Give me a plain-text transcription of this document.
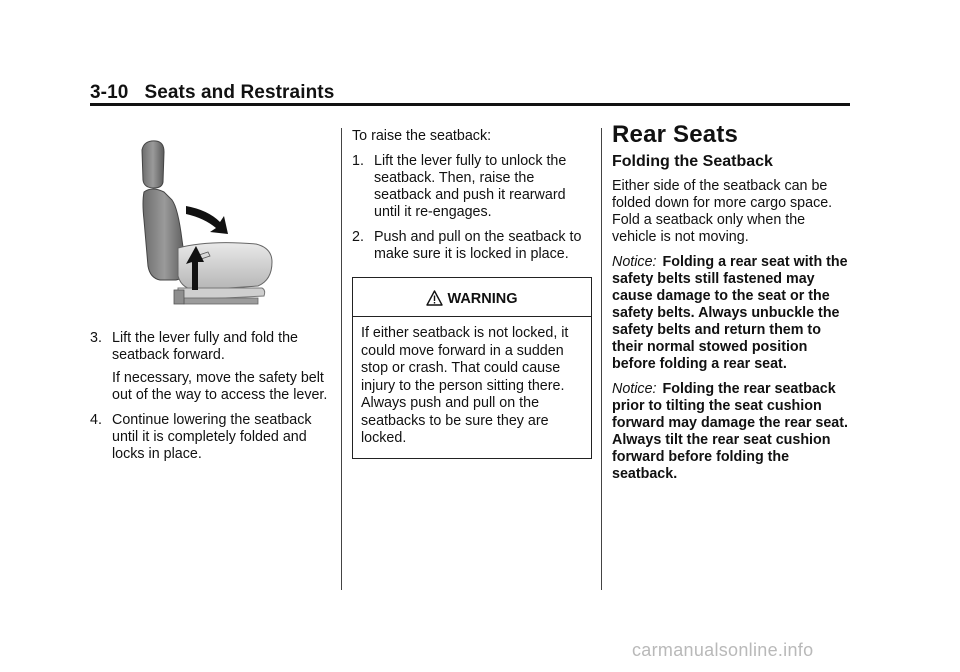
3-10 Seats and Restraints
3. Lift the lever fully and fold the seatback forward.
If necessary, move the safety belt out of the way to access the lever.
4. Continue lowering the seatback until it is completely folded and locks in place.
To raise the seatback:
1. Lift the lever fully to unlock the seatback. Then, raise the seatback and push it rearward until it re-engages.
2. Push and pull on the seatback to make sure it is locked in place.
WARNING
If either seatback is not locked, it could move forward in a sudden stop or crash. That could cause injury to the person sitting there. Always push and pull on the seatbacks to be sure they are locked.
Rear Seats
Folding the Seatback
Either side of the seatback can be folded down for more cargo space. Fold a seatback only when the vehicle is not moving.
Notice: Folding a rear seat with the safety belts still fastened may cause damage to the seat or the safety belts. Always unbuckle the safety belts and return them to their normal stowed position before folding a rear seat.
Notice: Folding the rear seatback prior to tilting the seat cushion forward may damage the rear seat. Always tilt the rear seat cushion forward before folding the seatback.
carmanualsonline.info
